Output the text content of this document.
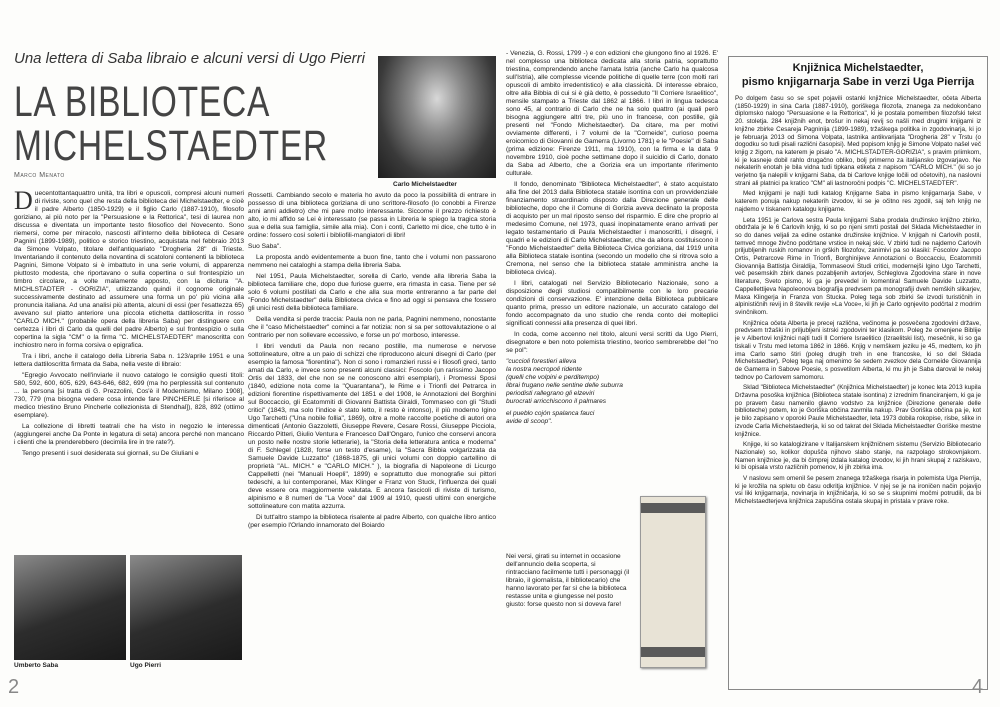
Una lettera di Saba libraio e alcuni versi di Ugo Pierri
LA BIBLIOTECA
MICHELSTAEDTER
Marco Menato

Duecentottantaquattro unità, tra libri e opuscoli, compresi alcuni numeri di riviste, sono quel che resta della biblioteca dei Michelstaedter, e cioè il padre Alberto (1850-1929) e il figlio Carlo (1887-1910), filosofo goriziano, ai più noto per la "Persuasione e la Rettorica", tesi di laurea non discussa e diventata un importante testo filosofico del Novecento. Sono riemersi, come per miracolo, nascosti all'interno della biblioteca di Cesare Pagnini (1899-1989), politico e storico triestino, acquistata nel febbraio 2013 da Simone Volpato, titolare dell'antiquariato "Drogheria 28" di Trieste. Inventariando il contenuto della novantina di scatoloni contenenti la biblioteca Pagnini, Simone Volpato si è imbattuto in una serie volumi, di apparenza piuttosto modesta, che riportavano o sulla copertina o sul frontespizio un timbro circolare, a volte malamente apposto, con la dicitura "A. MICHLSTADTER - GORIZIA", utilizzando quindi il cognome originale successivamente destinato ad assumere una forma un po' più vicina alla pronuncia italiana. Ad una analisi più attenta, alcuni di essi (per l'esattezza 65) avevano sul piatto anteriore una piccola etichetta dattiloscritta in rosso "CARLO MICH." (probabile opera della libreria Saba) per distinguere con certezza i libri di Carlo da quelli del padre Alberto) e sul frontespizio o sulla copertina la sigla "CM" o la firma "C. MICHELSTAEDTER" manoscritta con inchiostro nero in forma corsiva o epigrafica.

Tra i libri, anche il catalogo della Libreria Saba n. 123/aprile 1951 e una lettera dattiloscritta firmata da Saba, nella veste di libraio:

"Egregio Avvocato nell'inviarle il nuovo catalogo le consiglio questi titoli: 580, 592, 600, 605, 629, 643-646, 682, 699 (ma ho perplessità sul contenuto ... la persona [si tratta di G. Prezzolini, Cos'è il Modernismo, Milano 1908], 730, 779 (ma bisogna vedere cosa intende fare PINCHERLE [si riferisce al medico triestino Bruno Pincherle collezionista di Stendhal]), 828, 892 (ottimo esemplare).

La collezione di libretti teatrali che ha visto in negozio le interessa (aggiungerei anche Da Ponte in legatura di seta) ancora perché non mancano i clienti che la prenderebbero (decimila lire in tre rate?).

Tengo presenti i suoi desiderata sui giornali, su De Giuliani e

Umberto Saba	Ugo Pierri
Carlo Michelstaedter

Rossetti. Cambiando secolo e materia ho avuto da poco la possibilità di entrare in possesso di una biblioteca goriziana di uno scrittore-filosofo (lo conobbi a Firenze anni anni addietro) che mi pare molto interessante. Siccome il prezzo richiesto è alto, io mi affido se Lei è interessato (se passa in Libreria le spiego la tragica storia sua e della sua famiglia, simile alla mia). Con i conti, Carletto mi dice, che tutto è in ordine: fossero così solerti i bibliofili-mangiatori di libri!

Suo Saba".

La proposta andò evidentemente a buon fine, tanto che i volumi non passarono nemmeno nei cataloghi a stampa della libreria Saba.

Nel 1951, Paula Michelstaedter, sorella di Carlo, vende alla libreria Saba la biblioteca familiare che, dopo due furiose guerre, era rimasta in casa. Tiene per sé solo 6 volumi postillati da Carlo e che alla sua morte entreranno a far parte del "Fondo Michelstaedter" della Biblioteca civica e fino ad oggi si pensava che fossero gli unici resti della biblioteca familiare.

Della vendita si perde traccia: Paula non ne parla, Pagnini nemmeno, nonostante che il "caso Michelstaedter" cominci a far notizia: non si sa per sottovalutazione o al contrario per non sollevare eccessivo, e forse un po' morboso, interesse.

I libri venduti da Paula non recano postille, ma numerose e nervose sottolineature, oltre a un paio di schizzi che riproducono alcuni disegni di Carlo (per esempio la famosa "fiorentina"). Non ci sono i romanzieri russi e i filosofi greci, tanto amati da Carlo, e invece sono presenti alcuni classici: Foscolo (un rarissimo Jacopo Ortis del 1833, del che non se ne conoscono altri esemplari), i Promessi Sposi (1840, edizione nota come la "Quarantana"), le Rime e i Trionfi del Petrarca in edizioni fiorentine rispettivamente del 1851 e del 1908, le Annotazioni del Borghini sul Boccaccio, gli Ecatommiti di Giovanni Battista Giraldi, Tommaseo con gli "Studi critici" (1843, ma solo l'indice è stato letto, il resto è intonso), il più moderno Igino Ugo Tarchetti ("Una nobile follia", 1869), oltre a molte raccolte poetiche di autori ora dimenticati (Antonio Gazzoletti, Giuseppe Revere, Cesare Rossi, Giuseppe Picciola, Riccardo Pitteri, Giulio Ventura e Francesco Dall'Ongaro, l'unico che conservi ancora un posto nelle nostre storie letterarie), la "Storia della letteratura antica e moderna" di F. Schlegel (1828, forse un testo d'esame), la "Sacra Bibbia volgarizzata da Samuele Davide Luzzatto" (1868-1875, gli unici volumi con doppio cartellino di proprietà "AL. MICH." e "CARLO MICH." ), la biografia di Napoleone di Licurgo Cappelletti (nei "Manuali Hoepli", 1899) e soprattutto due monografie sui pittori tedeschi, a lui contemporanei, Max Klinger e Franz von Stuck, l'influenza dei quali deve essere ora maggiormente valutata. E ancora fascicoli di riviste di turismo, alpinismo e 8 numeri de "La Voce" dal 1909 al 1910, questi ultimi con energiche sottolineature con matita azzurra.

Di tutt'altro stampo la biblioteca risalente al padre Alberto, con qualche libro antico (per esempio l'Orlando innamorato del Boiardo

- Venezia, G. Rossi, 1799 -) e con edizioni che giungono fino al 1926. E' nel complesso una biblioteca dedicata alla storia patria, soprattutto triestina, comprendendo anche l'amata Istria (anche Carlo ha qualcosa sull'Istria), alle complesse vicende politiche di quelle terre (con molti rari opuscoli di ambito irredentistico) e alla classicità. Di interesse ebraico, oltre alla Bibbia di cui si è già detto, è posseduto "Il Corriere Israelitico", mensile stampato a Trieste dal 1862 al 1866. I libri in lingua tedesca sono 45, al contrario di Carlo che ne ha solo quattro (ai quali però bisogna aggiungere altri tre, più uno in francese, con postille, già presenti nel "Fondo Michelstaedter). Da citare, ma per motivi ovviamente differenti, i 7 volumi de la "Corneide", curioso poema eroicomico di Giovanni de Gamerra (Livorno 1781) e le "Poesie" di Saba (prima edizione: Firenze 1911, ma 1910), con la firma e la data 9 novembre 1910, cioè poche settimane dopo il suicidio di Carlo, donato da Saba ad Alberto, che a Gorizia era un importante riferimento culturale.

Il fondo, denominato "Biblioteca Michelstaedter", è stato acquistato alla fine del 2013 dalla Biblioteca statale isontina con un provvidenziale finanziamento straordinario disposto dalla Direzione generale delle biblioteche, dopo che il Comune di Gorizia aveva declinato la proposta di acquisto per un mal riposto senso del risparmio. E dire che proprio al medesimo Comune, nel 1973, quasi inopinatamente erano arrivati per legato testamentario di Paula Michelstaedter i manoscritti, i disegni, i quadri e le edizioni di Carlo Michelstaedter, che da allora costituiscono il "Fondo Michelstaedter" della Biblioteca Civica goriziana, dal 1919 unita alla Biblioteca statale isontina (secondo un modello che si ritrova solo a Cremona, nel senso che la biblioteca statale amministra anche la biblioteca civica).

I libri, catalogati nel Servizio Bibliotecario Nazionale, sono a disposizione degli studiosi compatibilmente con le loro precarie condizioni di conservazione. E' intenzione della Biblioteca pubblicare quanto prima, presso un editore nazionale, un accurato catalogo del fondo accompagnato da uno studio che renda conto dei molteplici significati connessi alla presenza di quei libri.

In coda, come accenno nel titolo, alcuni versi scritti da Ugo Pierri, disegnatore e ben noto polemista triestino, teorico sembrerebbe del "no se pol":

"cuccioli forestieri alleva
la nostra necropoli ridente
(quelli che volpini e perditempo)
librai frugano nelle sentine delle suburra
periodisti rallegrano gli elzeviri
burocrati arricchiscono il palmares
el pueblo cojón spalanca fauci
avide di scoop".

Nei versi, girati su internet in occasione dell'annuncio della scoperta, si rintracciano facilmente tutti i personaggi (il libraio, il giornalista, il bibliotecario) che hanno lavorato per far sì che la biblioteca restasse unita e giungesse nel posto giusto: forse questo non si doveva fare!

Knjižnica Michelstaedter,
pismo knjigarnarja Sabe in verzi Uga Pierrija

Po dolgem času so se spet pojavili ostanki knjižnice Michelstaedter, očeta Alberta (1850-1929) in sina Carla (1887-1910), goriškega filozofa, znanega za nedokončano diplomsko nalogo "Persuasione e la Rettorica", ki je postala pomemben filozofski tekst 20. stoletja. 284 knjižnih enot, brošur in nekaj revij so našli med drugimi knjigami iz knjižne zbirke Cesareja Pagninija (1899-1989), tržaškega politika in zgodovinarja, ki jo je februarja 2013 od Simona Volpata, lastnika antikvarijata "Drogheria 28" v Trstu (o dogodku so tudi pisali različni časopisi). Med popisom knjig je Simone Volpato našel več knjig z žigom, na katerem je pisalo "A. MICHLSTADTER-GORIZIA", s pravim priimkom, ki je kasneje dobil rahlo drugačno obliko, bolj primerno za italijansko izgovarjavo. Ne nekaterih enotah je bila vidna tudi tipkana etiketa z napisom "CARLO MICH." (ki so jo verjetno tja nalepili v knjigarni Saba, da bi Carlove knjige ločili od očetovih), na naslovni strani ali platnici pa kratico "CM" ali lastnoročni podpis "C. MICHELSTAEDTER".

Med knjigami je najti tudi katalog Knjigarne Saba in pismo knjigarnarja Sabe, v katerem ponuja nakup nekaterih izvodov, ki se je očitno res zgodil, saj teh knjig ne najdemo v tiskanem katalogu knjigarne.

Leta 1951 je Carlova sestra Paula knjigarni Saba prodala družinsko knjižno zbirko, obdržala je le 6 Carlovih knjig, ki so po njeni smrti postali del Sklada Michelstaedter in so do danes veljali za edine ostanke družinske knjižnice. V knjigah ni Carlovih postil, temveč mnoge živčno podčrtane vrstice in nekaj skic. V zbirki tudi ne najdemo Carlovih priljubljenih ruskih romanov in grških filozofov, zanimivi pa so klasiki: Foscolov Jacopo Ortis, Petrarcove Rime in Trionfi, Borghinijeve Annotazioni o Boccacciu, Ecatommiti Giovannija Battistja Giraldija, Tommaseovi Studi critici, modernejši Igino Ugo Tarchetti, več pesemskih zbirk danes pozabljenih avtorjev, Schleglova Zgodovina stare in nove literature, Sveto pismo, ki ga je prevedel in komentiral Samuele Davide Luzzatto, Cappellettijeva Napoleonova biografija predvsem pa monografiji dveh nemških slikarjev, Maxa Klingerja in Franza von Stucka. Poleg tega sob zbirki še izvodi turističnih in alpinističnih revij in 8 številk revije »La Voce«, ki jih je Carlo ognjevito podčrtal z modrim svinčnikom.

Knjižnica očeta Alberta je precej različna, večinoma je posvečena zgodovini države, predvsem tržaški in priljubljeni istrski zgodovini ter klasikom. Poleg že omenjene Biblije je v Albertovi knjižnici najti tudi Il Corriere Israelitico (Izraelitski list), mesečnik, ki so ga tiskali v Trstu med letoma 1862 in 1866. Knjig v nemškem jeziku je 45, medtem, ko jih ima Carlo samo štiri (poleg drugih treh in ene francoske, ki so del Sklada Michelstaedter). Poleg tega naj omenimo še sedem zvezkov dela Corneide Giovannija de Gamerra in Sabove Poesie, s posvetilom Alberta, ki mu jih je Saba daroval le nekaj tednov po Carlovem samomoru.

Sklad "Biblioteca Michelstaedter" (Knjižnica Michelstaedter) je konec leta 2013 kupila Državna posoška knjižnica (Biblioteca statale isontina) z izrednim financiranjem, ki ga je po pravem času namenilo glavno vodstvo za knjižnice (Direzione generale delle biblioteche) potem, ko je Goriška občina zavrnila nakup. Prav Goriška občina pa je, kot je bilo zapisano v oporoki Paule Michelstaedter, leta 1973 dobila rokopise, risbe, slike in izvode Carla Michelstaedterja, ki so od takrat del Sklada Michelstaedter Goriške mestne knjižnice.

Knjige, ki so katalogizirane v Italijanskem knjižničnem sistemu (Servizio Bibliotecario Nazionale) so, kolikor dopušča njihovo slabo stanje, na razpolago strokovnjakom. Namen knjižnice je, da bi čimprej izdala katalog izvodov, ki jih hrani skupaj z raziskavo, ki bi opisala vrsto različnih pomenov, ki jih zbirka ima.

V naslovu sem omenil še pesem znanega tržaškega risarja in polemista Uga Pierrija, ki je krožila na spletu ob času odkritja knjižnice. V njej se je na ironičen način pojavijo vsi liki knjigarnarja, novinarja in knjižničarja, ki so se s skupnimi močmi potrudili, da bi Michelstaedterjeva knjižnica zapuščina ostala skupaj in pristala v prave roke.

2	4
